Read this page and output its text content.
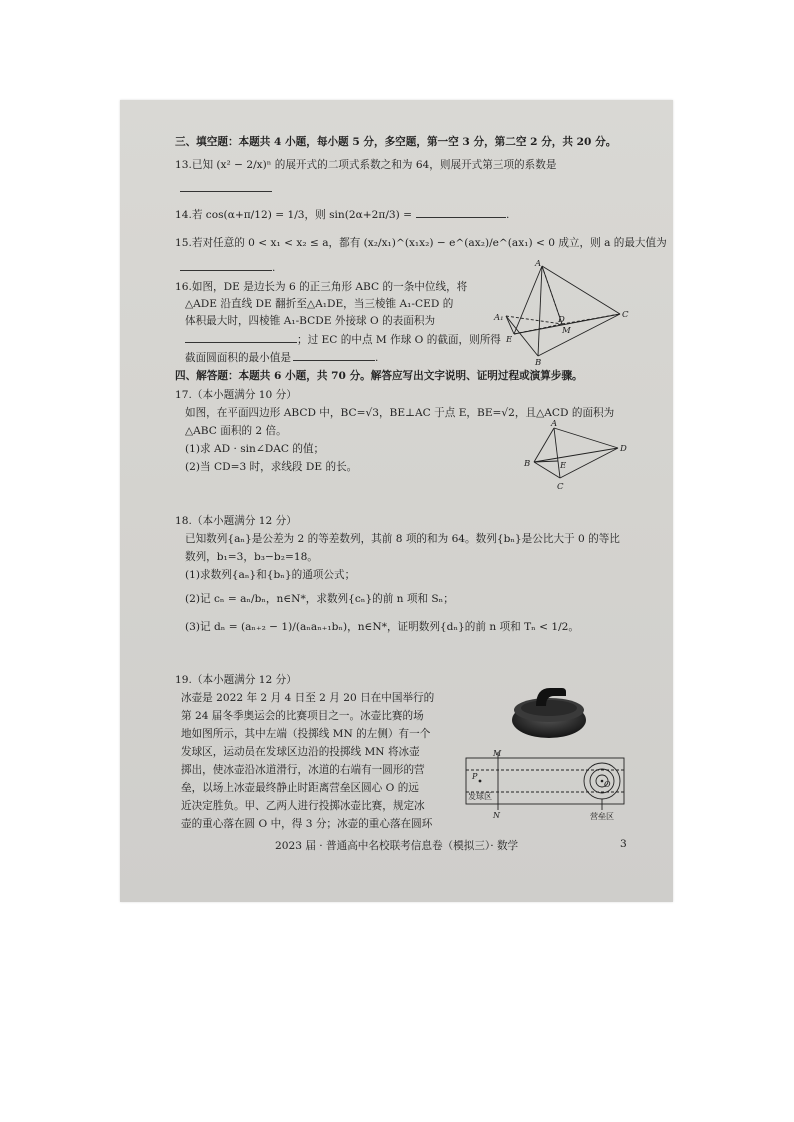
三、填空题：本题共 4 小题，每小题 5 分，多空题，第一空 3 分，第二空 2 分，共 20 分。
13.已知 (x² − 2/x)ⁿ 的展开式的二项式系数之和为 64，则展开式第三项的系数是
14.若 cos(α+π/12) = 1/3，则 sin(2α+2π/3) =	.
15.若对任意的 0 < x₁ < x₂ ≤ a，都有 (x₂/x₁)^(x₁x₂) − e^(ax₂)/e^(ax₁) < 0 成立，则 a 的最大值为
.
16.如图，DE 是边长为 6 的正三角形 ABC 的一条中位线，将
△ADE 沿直线 DE 翻折至△A₁DE，当三棱锥 A₁-CED 的
体积最大时，四棱锥 A₁-BCDE 外接球 O 的表面积为
；过 EC 的中点 M 作球 O 的截面，则所得
截面圆面积的最小值是	.
A
A₁	D
M
C
E
B
四、解答题：本题共 6 小题，共 70 分。解答应写出文字说明、证明过程或演算步骤。
17.（本小题满分 10 分）
如图，在平面四边形 ABCD 中，BC=√3，BE⊥AC 于点 E，BE=√2，且△ACD 的面积为
△ABC 面积的 2 倍。
(1)求 AD · sin∠DAC 的值；
(2)当 CD=3 时，求线段 DE 的长。
A
D
B	E
C
18.（本小题满分 12 分）
已知数列{aₙ}是公差为 2 的等差数列，其前 8 项的和为 64。数列{bₙ}是公比大于 0 的等比
数列，b₁=3，b₃−b₂=18。
(1)求数列{aₙ}和{bₙ}的通项公式；
(2)记 cₙ = aₙ/bₙ，n∈N*，求数列{cₙ}的前 n 项和 Sₙ；
(3)记 dₙ = (aₙ₊₂ − 1)/(aₙaₙ₊₁bₙ)，n∈N*，证明数列{dₙ}的前 n 项和 Tₙ < 1/2。
19.（本小题满分 12 分）
冰壶是 2022 年 2 月 4 日至 2 月 20 日在中国举行的
第 24 届冬季奥运会的比赛项目之一。冰壶比赛的场
地如图所示，其中左端（投掷线 MN 的左侧）有一个
发球区，运动员在发球区边沿的投掷线 MN 将冰壶
掷出，使冰壶沿冰道滑行，冰道的右端有一圆形的营
垒，以场上冰壶最终静止时距离营垒区圆心 O 的远
近决定胜负。甲、乙两人进行投掷冰壶比赛，规定冰
壶的重心落在圆 O 中，得 3 分；冰壶的重心落在圆环
M
P
发球区
N
O
营垒区
2023 届 · 普通高中名校联考信息卷（模拟三）· 数学	3
